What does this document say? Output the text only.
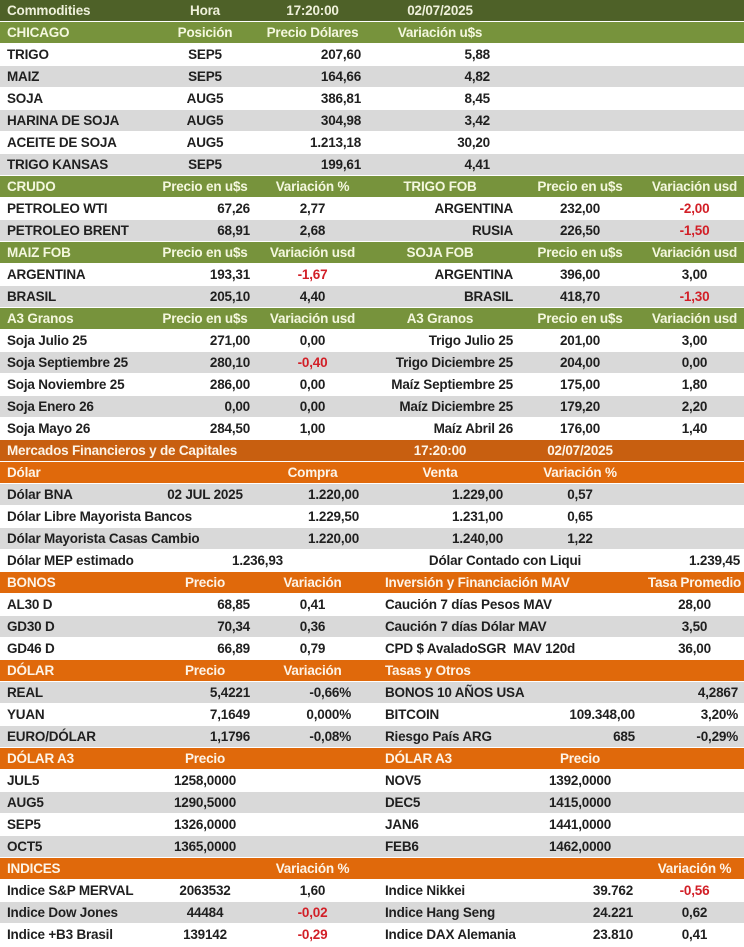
Commodities	Hora	17:20:00	02/07/2025
CHICAGO	Posición	Precio Dólares	Variación u$s
TRIGO	SEP5	207,60	5,88
MAIZ	SEP5	164,66	4,82
SOJA	AUG5	386,81	8,45
HARINA DE SOJA	AUG5	304,98	3,42
ACEITE DE SOJA	AUG5	1.213,18	30,20
TRIGO KANSAS	SEP5	199,61	4,41
CRUDO	Precio en u$s	Variación %	TRIGO FOB	Precio en u$s	Variación usd
PETROLEO WTI	67,26	2,77	ARGENTINA	232,00	-2,00
PETROLEO BRENT	68,91	2,68	RUSIA	226,50	-1,50
MAIZ FOB	Precio en u$s	Variación usd	SOJA FOB	Precio en u$s	Variación usd
ARGENTINA	193,31	-1,67	ARGENTINA	396,00	3,00
BRASIL	205,10	4,40	BRASIL	418,70	-1,30
A3 Granos	Precio en u$s	Variación usd	A3 Granos	Precio en u$s	Variación usd
Soja Julio 25	271,00	0,00	Trigo Julio 25	201,00	3,00
Soja Septiembre 25	280,10	-0,40	Trigo Diciembre 25	204,00	0,00
Soja Noviembre 25	286,00	0,00	Maíz Septiembre 25	175,00	1,80
Soja Enero 26	0,00	0,00	Maíz Diciembre 25	179,20	2,20
Soja Mayo 26	284,50	1,00	Maíz Abril 26	176,00	1,40
Mercados Financieros y de Capitales	17:20:00	02/07/2025
Dólar	Compra	Venta	Variación %
Dólar BNA	02 JUL 2025	1.220,00	1.229,00	0,57
Dólar Libre Mayorista Bancos	1.229,50	1.231,00	0,65
Dólar Mayorista Casas Cambio	1.220,00	1.240,00	1,22
Dólar MEP estimado	1.236,93	Dólar Contado con Liqui	1.239,45
BONOS	Precio	Variación	Inversión y Financiación MAV	Tasa Promedio
AL30 D	68,85	0,41	Caución 7 días Pesos MAV	28,00
GD30 D	70,34	0,36	Caución 7 días Dólar MAV	3,50
GD46 D	66,89	0,79	CPD $ AvaladoSGR  MAV 120d	36,00
DÓLAR	Precio	Variación	Tasas y Otros
REAL	5,4221	-0,66%	BONOS 10 AÑOS USA	4,2867
YUAN	7,1649	0,000%	BITCOIN	109.348,00	3,20%
EURO/DÓLAR	1,1796	-0,08%	Riesgo País ARG	685	-0,29%
DÓLAR A3	Precio	DÓLAR A3	Precio
JUL5	1258,0000	NOV5	1392,0000
AUG5	1290,5000	DEC5	1415,0000
SEP5	1326,0000	JAN6	1441,0000
OCT5	1365,0000	FEB6	1462,0000
INDICES	Variación %	Variación %
Indice S&P MERVAL	2063532	1,60	Indice Nikkei	39.762	-0,56
Indice Dow Jones	44484	-0,02	Indice Hang Seng	24.221	0,62
Indice +B3 Brasil	139142	-0,29	Indice DAX Alemania	23.810	0,41
